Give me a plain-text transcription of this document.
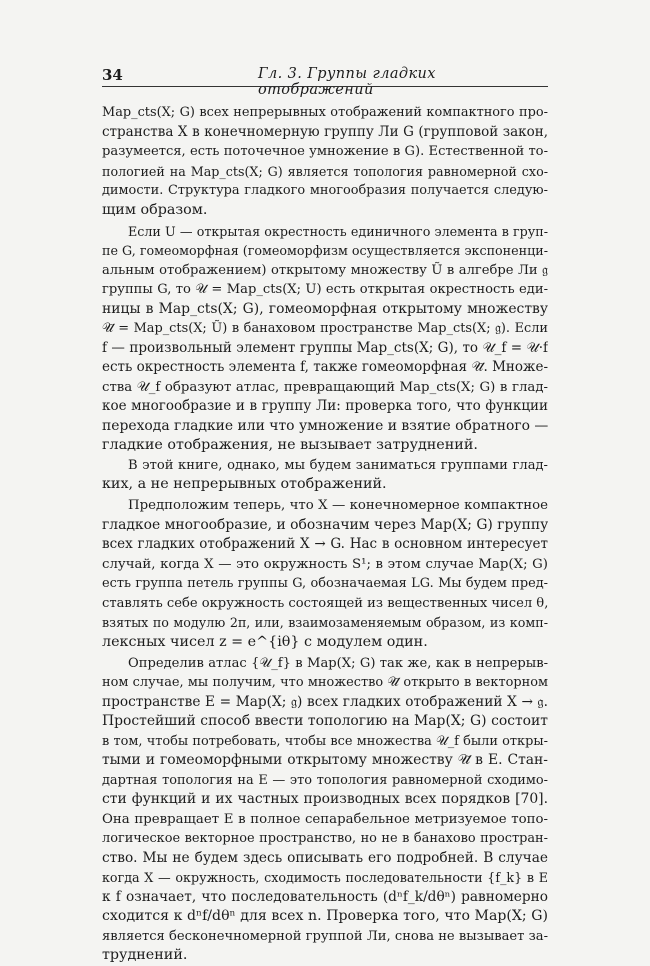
34	Гл. 3. Группы гладких отображений
Map_cts(X; G) всех непрерывных отображений компактного про-
странства X в конечномерную группу Ли G (групповой закон,
разумеется, есть поточечное умножение в G). Естественной то-
пологией на Map_cts(X; G) является топология равномерной схо-
димости. Структура гладкого многообразия получается следую-
щим образом.
Если U — открытая окрестность единичного элемента в груп-
пе G, гомеоморфная (гомеоморфизм осуществляется экспоненци-
альным отображением) открытому множеству Ũ в алгебре Ли 𝔤
группы G, то 𝒰 = Map_cts(X; U) есть открытая окрестность еди-
ницы в Map_cts(X; G), гомеоморфная открытому множеству
𝒰̃ = Map_cts(X; Ũ) в банаховом пространстве Map_cts(X; 𝔤). Если
f — произвольный элемент группы Map_cts(X; G), то 𝒰_f = 𝒰·f
есть окрестность элемента f, также гомеоморфная 𝒰̃. Множе-
ства 𝒰_f образуют атлас, превращающий Map_cts(X; G) в глад-
кое многообразие и в группу Ли: проверка того, что функции
перехода гладкие или что умножение и взятие обратного —
гладкие отображения, не вызывает затруднений.
В этой книге, однако, мы будем заниматься группами глад-
ких, а не непрерывных отображений.
Предположим теперь, что X — конечномерное компактное
гладкое многообразие, и обозначим через Map(X; G) группу
всех гладких отображений X → G. Нас в основном интересует
случай, когда X — это окружность S¹; в этом случае Map(X; G)
есть группа петель группы G, обозначаемая LG. Мы будем пред-
ставлять себе окружность состоящей из вещественных чисел θ,
взятых по модулю 2π, или, взаимозаменяемым образом, из комп-
лексных чисел z = e^{iθ} с модулем один.
Определив атлас {𝒰_f} в Map(X; G) так же, как в непрерыв-
ном случае, мы получим, что множество 𝒰̃ открыто в векторном
пространстве E = Map(X; 𝔤) всех гладких отображений X → 𝔤.
Простейший способ ввести топологию на Map(X; G) состоит
в том, чтобы потребовать, чтобы все множества 𝒰_f были откры-
тыми и гомеоморфными открытому множеству 𝒰̃ в E. Стан-
дартная топология на E — это топология равномерной сходимо-
сти функций и их частных производных всех порядков [70].
Она превращает E в полное сепарабельное метризуемое топо-
логическое векторное пространство, но не в банахово простран-
ство. Мы не будем здесь описывать его подробней. В случае
когда X — окружность, сходимость последовательности {f_k} в E
к f означает, что последовательность (dⁿf_k/dθⁿ) равномерно
сходится к dⁿf/dθⁿ для всех n. Проверка того, что Map(X; G)
является бесконечномерной группой Ли, снова не вызывает за-
труднений.
